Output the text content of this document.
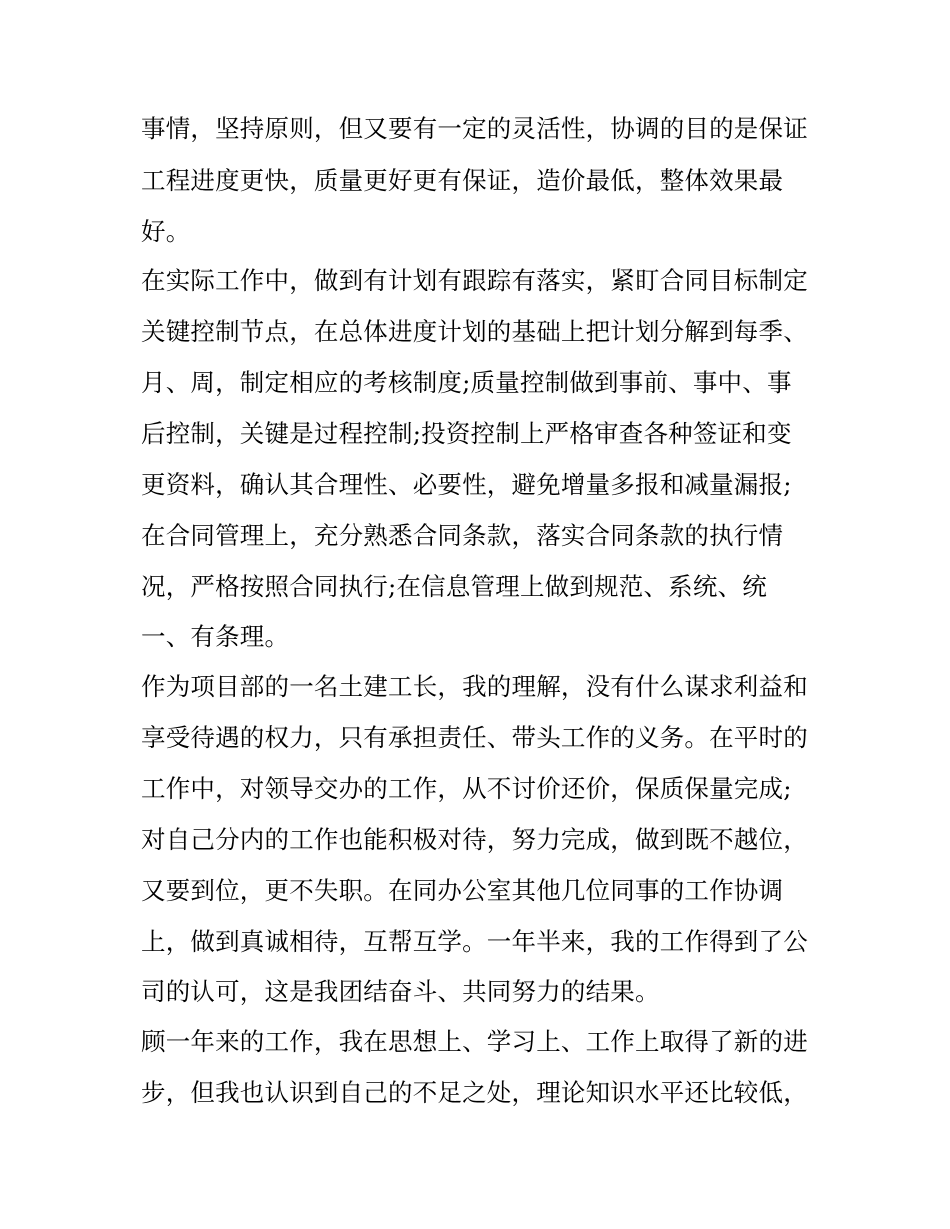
事情，坚持原则，但又要有一定的灵活性，协调的目的是保证
工程进度更快，质量更好更有保证，造价最低，整体效果最
好。
在实际工作中，做到有计划有跟踪有落实，紧盯合同目标制定
关键控制节点，在总体进度计划的基础上把计划分解到每季、
月、周，制定相应的考核制度;质量控制做到事前、事中、事
后控制，关键是过程控制;投资控制上严格审查各种签证和变
更资料，确认其合理性、必要性，避免增量多报和减量漏报;
在合同管理上，充分熟悉合同条款，落实合同条款的执行情
况，严格按照合同执行;在信息管理上做到规范、系统、统
一、有条理。
作为项目部的一名土建工长，我的理解，没有什么谋求利益和
享受待遇的权力，只有承担责任、带头工作的义务。在平时的
工作中，对领导交办的工作，从不讨价还价，保质保量完成;
对自己分内的工作也能积极对待，努力完成，做到既不越位，
又要到位，更不失职。在同办公室其他几位同事的工作协调
上，做到真诚相待，互帮互学。一年半来，我的工作得到了公
司的认可，这是我团结奋斗、共同努力的结果。
顾一年来的工作，我在思想上、学习上、工作上取得了新的进
步，但我也认识到自己的不足之处，理论知识水平还比较低，
